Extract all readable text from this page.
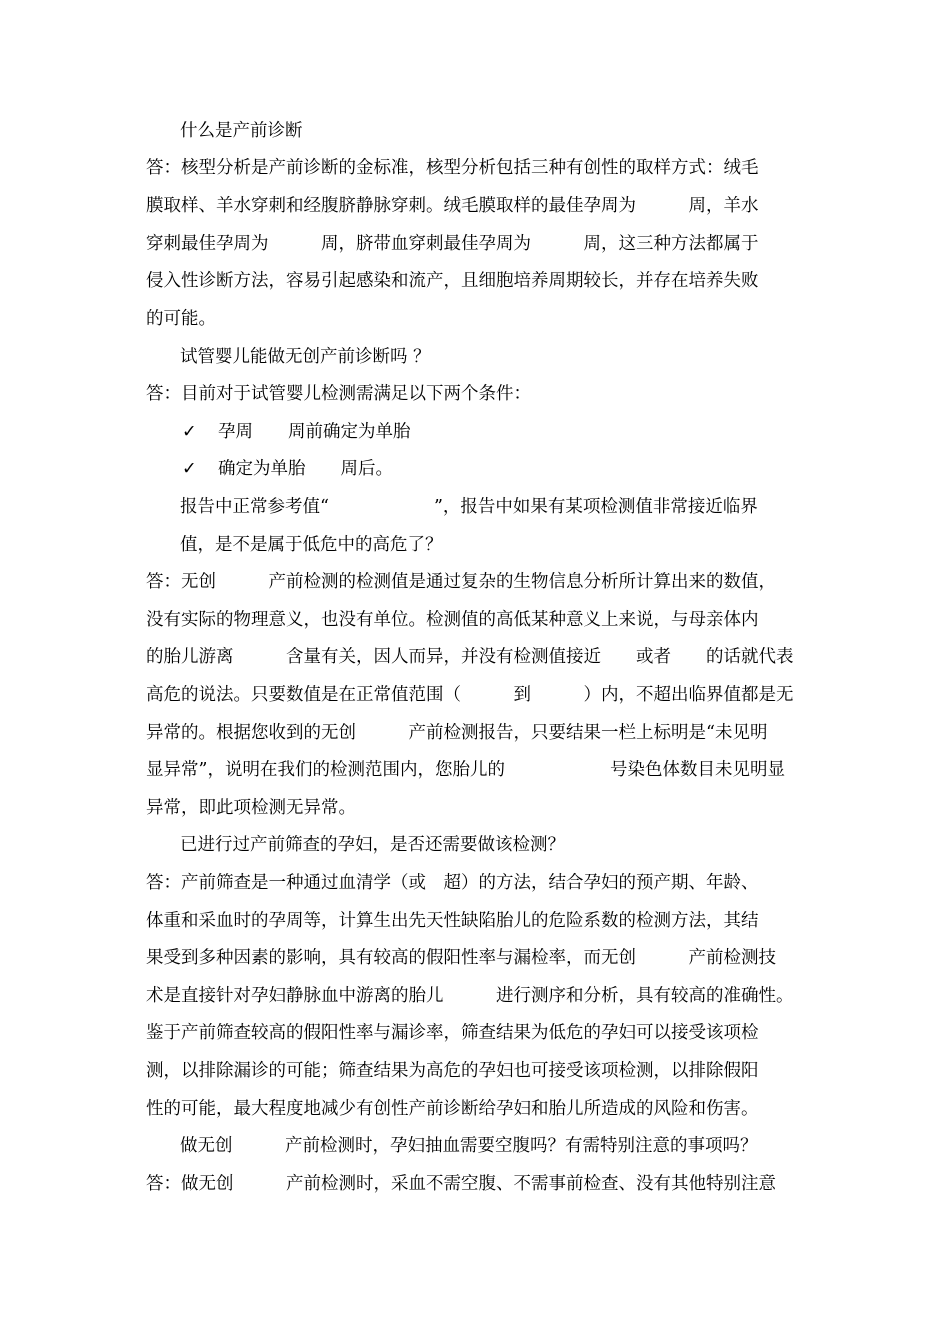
什么是产前诊断
答：核型分析是产前诊断的金标准，核型分析包括三种有创性的取样方式：绒毛
膜取样、羊水穿刺和经腹脐静脉穿刺。绒毛膜取样的最佳孕周为　　　周，羊水
穿刺最佳孕周为　　　周，脐带血穿刺最佳孕周为　　　周，这三种方法都属于
侵入性诊断方法，容易引起感染和流产，且细胞培养周期较长，并存在培养失败
的可能。
试管婴儿能做无创产前诊断吗 ？
答：目前对于试管婴儿检测需满足以下两个条件：
✓ 孕周　　周前确定为单胎
✓ 确定为单胎　　周后。
报告中正常参考值“　　　　　　”，报告中如果有某项检测值非常接近临界
值，是不是属于低危中的高危了？
答：无创　　　产前检测的检测值是通过复杂的生物信息分析所计算出来的数值，
没有实际的物理意义，也没有单位。检测值的高低某种意义上来说，与母亲体内
的胎儿游离　　　含量有关，因人而异，并没有检测值接近　　或者　　的话就代表
高危的说法。只要数值是在正常值范围（　　　到　　　）内，不超出临界值都是无
异常的。根据您收到的无创　　　产前检测报告，只要结果一栏上标明是“未见明
显异常”，说明在我们的检测范围内，您胎儿的　　　　　　号染色体数目未见明显
异常，即此项检测无异常。
已进行过产前筛查的孕妇，是否还需要做该检测？
答：产前筛查是一种通过血清学（或　超）的方法，结合孕妇的预产期、年龄、
体重和采血时的孕周等，计算生出先天性缺陷胎儿的危险系数的检测方法，其结
果受到多种因素的影响，具有较高的假阳性率与漏检率，而无创　　　产前检测技
术是直接针对孕妇静脉血中游离的胎儿　　　进行测序和分析，具有较高的准确性。
鉴于产前筛查较高的假阳性率与漏诊率，筛查结果为低危的孕妇可以接受该项检
测，以排除漏诊的可能；筛查结果为高危的孕妇也可接受该项检测，以排除假阳
性的可能，最大程度地减少有创性产前诊断给孕妇和胎儿所造成的风险和伤害。
做无创　　　产前检测时，孕妇抽血需要空腹吗？有需特别注意的事项吗？
答：做无创　　　产前检测时，采血不需空腹、不需事前检查、没有其他特别注意
